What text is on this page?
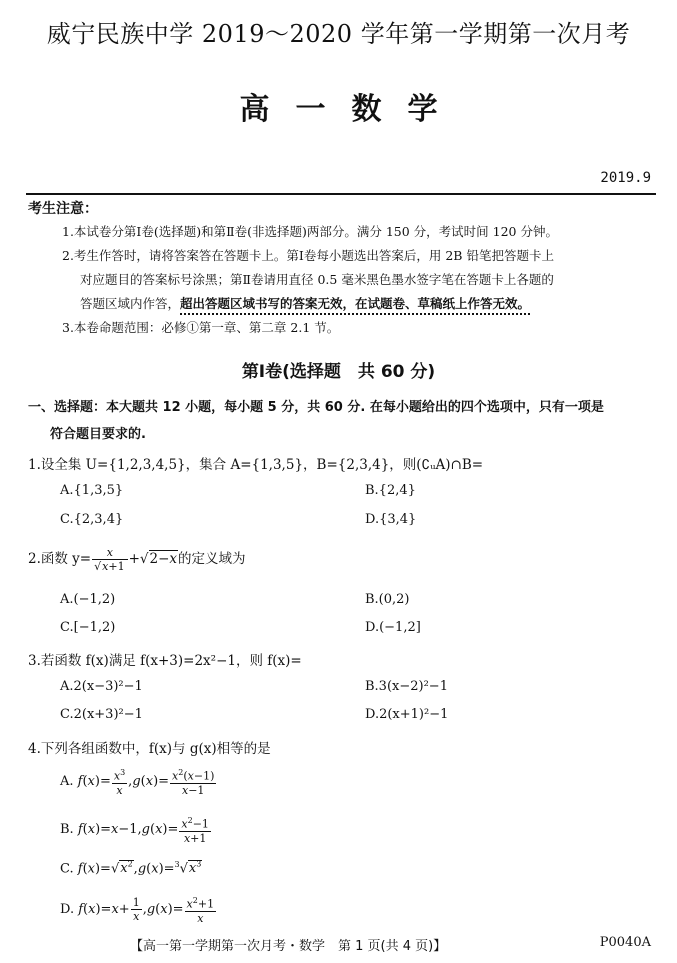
威宁民族中学 2019～2020 学年第一学期第一次月考
高一数学
2019.9
考生注意：
1.本试卷分第Ⅰ卷(选择题)和第Ⅱ卷(非选择题)两部分。满分 150 分，考试时间 120 分钟。
2.考生作答时，请将答案答在答题卡上。第Ⅰ卷每小题选出答案后，用 2B 铅笔把答题卡上
对应题目的答案标号涂黑；第Ⅱ卷请用直径 0.5 毫米黑色墨水签字笔在答题卡上各题的
答题区域内作答，超出答题区域书写的答案无效，在试题卷、草稿纸上作答无效。
3.本卷命题范围：必修①第一章、第二章 2.1 节。
第Ⅰ卷(选择题　共 60 分)
一、选择题：本大题共 12 小题，每小题 5 分，共 60 分. 在每小题给出的四个选项中，只有一项是
符合题目要求的.
1.设全集 U={1,2,3,4,5}，集合 A={1,3,5}，B={2,3,4}，则(∁ᵤA)∩B=
A.{1,3,5}	B.{2,4}
C.{2,3,4}	D.{3,4}
2.函数 $y= \frac{x}{√x+1} +√2-x$的定义域为
A.(−1,2)	B.(0,2)
C.[−1,2)	D.(−1,2]
3.若函数 f(x)满足 f(x+3)=2x²−1，则 f(x)=
A.2(x−3)²−1	B.3(x−2)²−1
C.2(x+3)²−1	D.2(x+1)²−1
4.下列各组函数中，f(x)与 g(x)相等的是
A. $f(x)= \frac{x^3}{x} ,g(x)= \frac{x^2(x-1)}{x-1}$
B. $f(x)=x-1,g(x)= \frac{x^2-1}{x+1}$
C. $f(x)=√x^2,g(x)=^3√x^3$
D. $f(x)=x+ \frac{1}{x} ,g(x)= \frac{x^2+1}{x}$
【高一第一学期第一次月考・数学　第 1 页(共 4 页)】	P0040A
